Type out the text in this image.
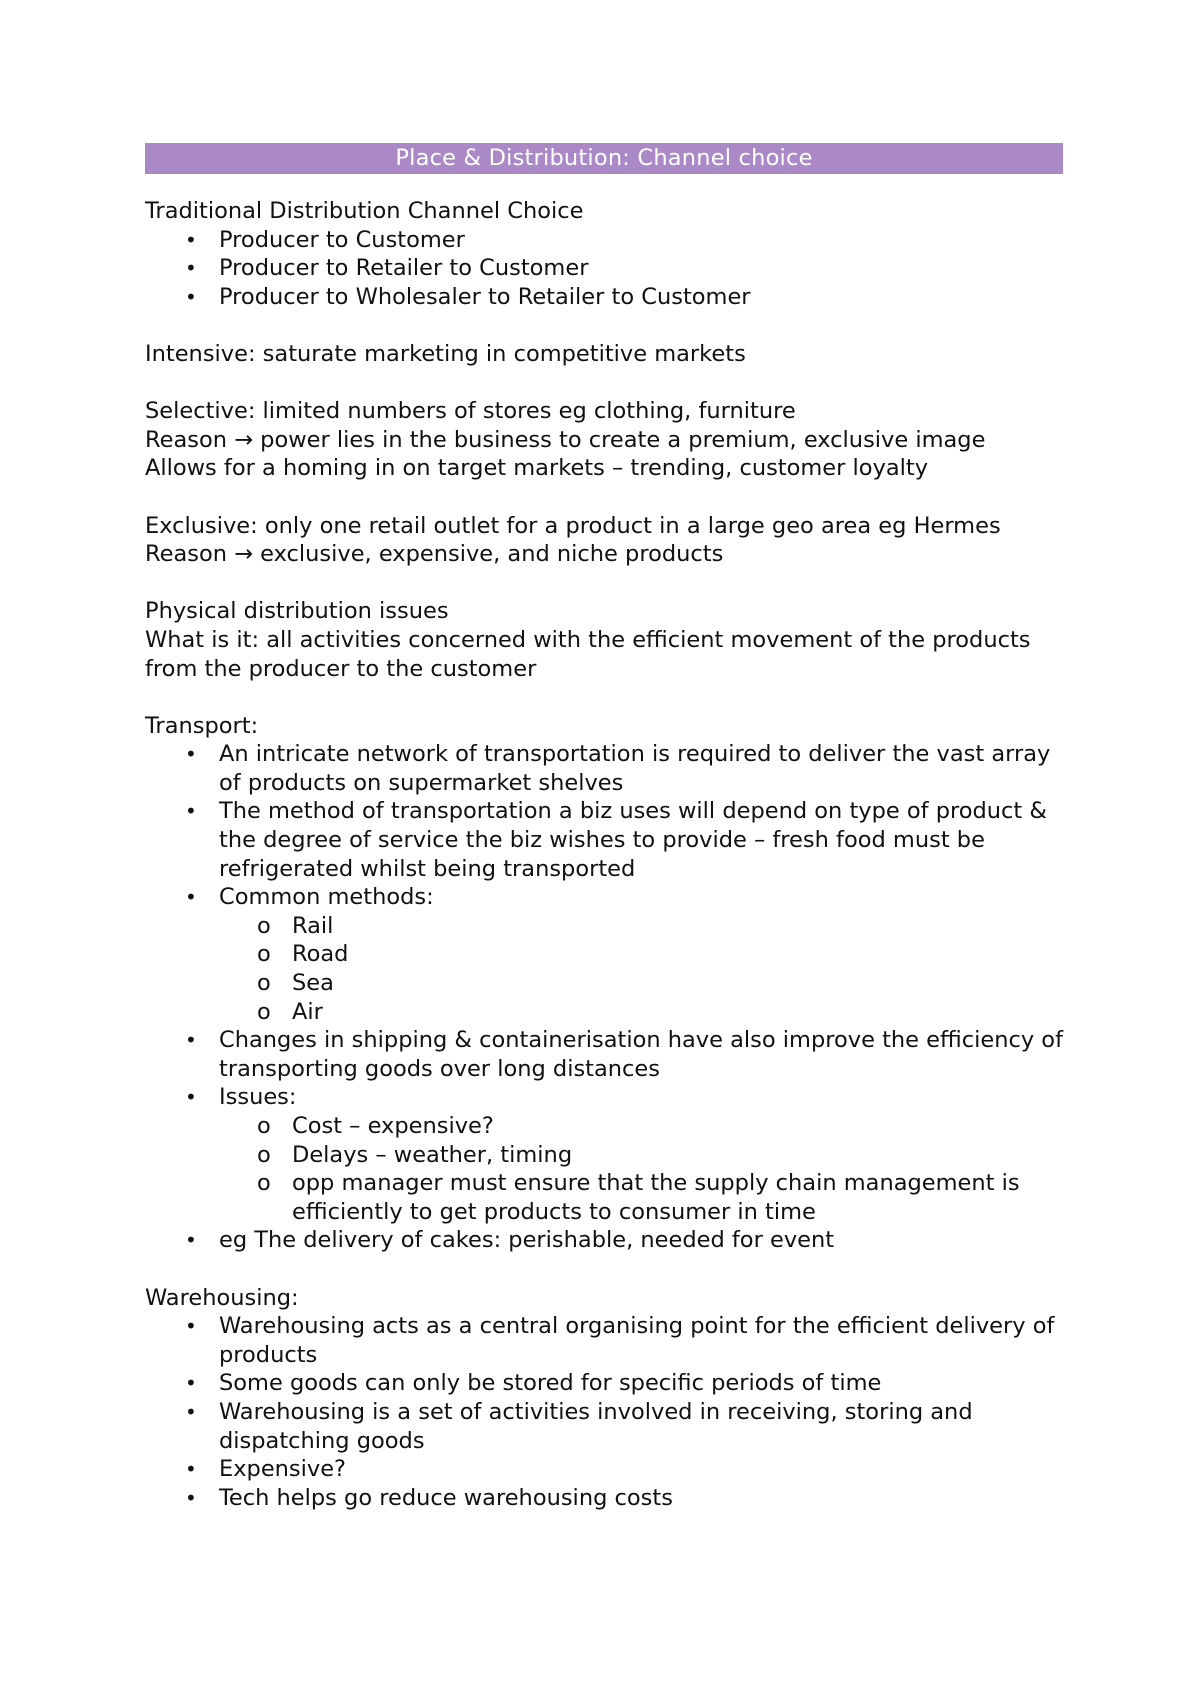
Place & Distribution: Channel choice

Traditional Distribution Channel Choice

• Producer to Customer
• Producer to Retailer to Customer
• Producer to Wholesaler to Retailer to Customer

Intensive: saturate marketing in competitive markets

Selective: limited numbers of stores eg clothing, furniture

Reason → power lies in the business to create a premium, exclusive image

Allows for a homing in on target markets – trending, customer loyalty

Exclusive: only one retail outlet for a product in a large geo area eg Hermes

Reason → exclusive, expensive, and niche products

Physical distribution issues

What is it: all activities concerned with the efficient movement of the products from the producer to the customer

Transport:

• An intricate network of transportation is required to deliver the vast array of products on supermarket shelves
• The method of transportation a biz uses will depend on type of product & the degree of service the biz wishes to provide – fresh food must be refrigerated whilst being transported
• Common methods:
o Rail
o Road
o Sea
o Air
• Changes in shipping & containerisation have also improve the efficiency of transporting goods over long distances
• Issues:
o Cost – expensive?
o Delays – weather, timing
o opp manager must ensure that the supply chain management is efficiently to get products to consumer in time
• eg The delivery of cakes: perishable, needed for event

Warehousing:

• Warehousing acts as a central organising point for the efficient delivery of products
• Some goods can only be stored for specific periods of time
• Warehousing is a set of activities involved in receiving, storing and dispatching goods
• Expensive?
• Tech helps go reduce warehousing costs
